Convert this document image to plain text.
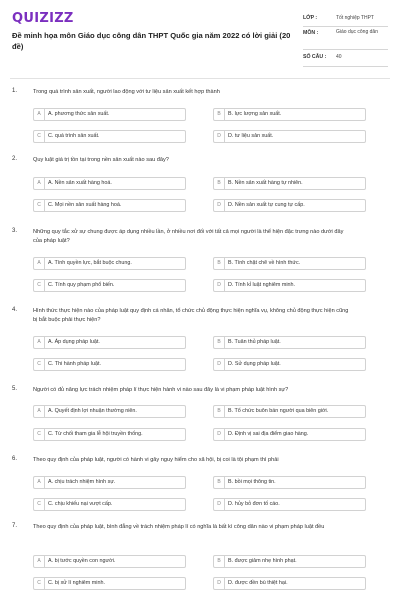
QUIZIZZ
Đề minh họa môn Giáo dục công dân THPT Quốc gia năm 2022 có lời giải (20 đề)
LỚP :	Tốt nghiệp THPT
MÔN :	Giáo dục công dân
SỐ CÂU : 40
1.	Trong quá trình sản xuất, người lao động với tư liệu sản xuất kết hợp thành
A	A. phương thức sản xuất.	B	B. lực lượng sản xuất.
C	C. quá trình sản xuất.	D	D. tư liệu sản xuất.
2.	Quy luật giá trị tồn tại trong nền sản xuất nào sau đây?
A	A. Nền sản xuất hàng hoá.	B	B. Nền sản xuất hàng tự nhiên.
C	C. Mọi nền sản xuất hàng hoá.	D	D. Nền sản xuất tự cung tự cấp.
3.	Những quy tắc xử sự chung được áp dụng nhiều lần, ở nhiều nơi đối với tất cả mọi người là thể hiện đặc trưng nào dưới đây của pháp luật?
A	A. Tính quyền lực, bắt buộc chung.	B	B. Tính chặt chẽ về hình thức.
C	C. Tính quy phạm phổ biến.	D	D. Tính kỉ luật nghiêm minh.
4.	Hình thức thực hiện nào của pháp luật quy định cá nhân, tổ chức chủ động thực hiện nghĩa vụ, không chủ động thực hiện cũng bị bắt buộc phải thực hiện?
A	A. Áp dụng pháp luật.	B	B. Tuân thủ pháp luật.
C	C. Thi hành pháp luật.	D	D. Sử dụng pháp luật.
5.	Người có đủ năng lực trách nhiệm pháp lí thực hiện hành vi nào sau đây là vi phạm pháp luật hình sự?
A	A. Quyết định lợi nhuận thường niên.	B	B. Tổ chức buôn bán người qua biên giới.
C	C. Từ chối tham gia lễ hội truyền thống.	D	D. Định vị sai địa điểm giao hàng.
6.	Theo quy định của pháp luật, người có hành vi gây nguy hiểm cho xã hội, bị coi là tội phạm thì phải
A	A. chịu trách nhiệm hình sự.	B	B. bồi mọi thông tin.
C	C. chịu khiếu nại vượt cấp.	D	D. hủy bỏ đơn tố cáo.
7.	Theo quy định của pháp luật, bình đẳng về trách nhiệm pháp lí có nghĩa là bất kì công dân nào vi phạm pháp luật đều
A	A. bị tước quyền con người.	B	B. được giảm nhẹ hình phạt.
C	C. bị xử lí nghiêm minh.	D	D. được đền bù thiệt hại.
